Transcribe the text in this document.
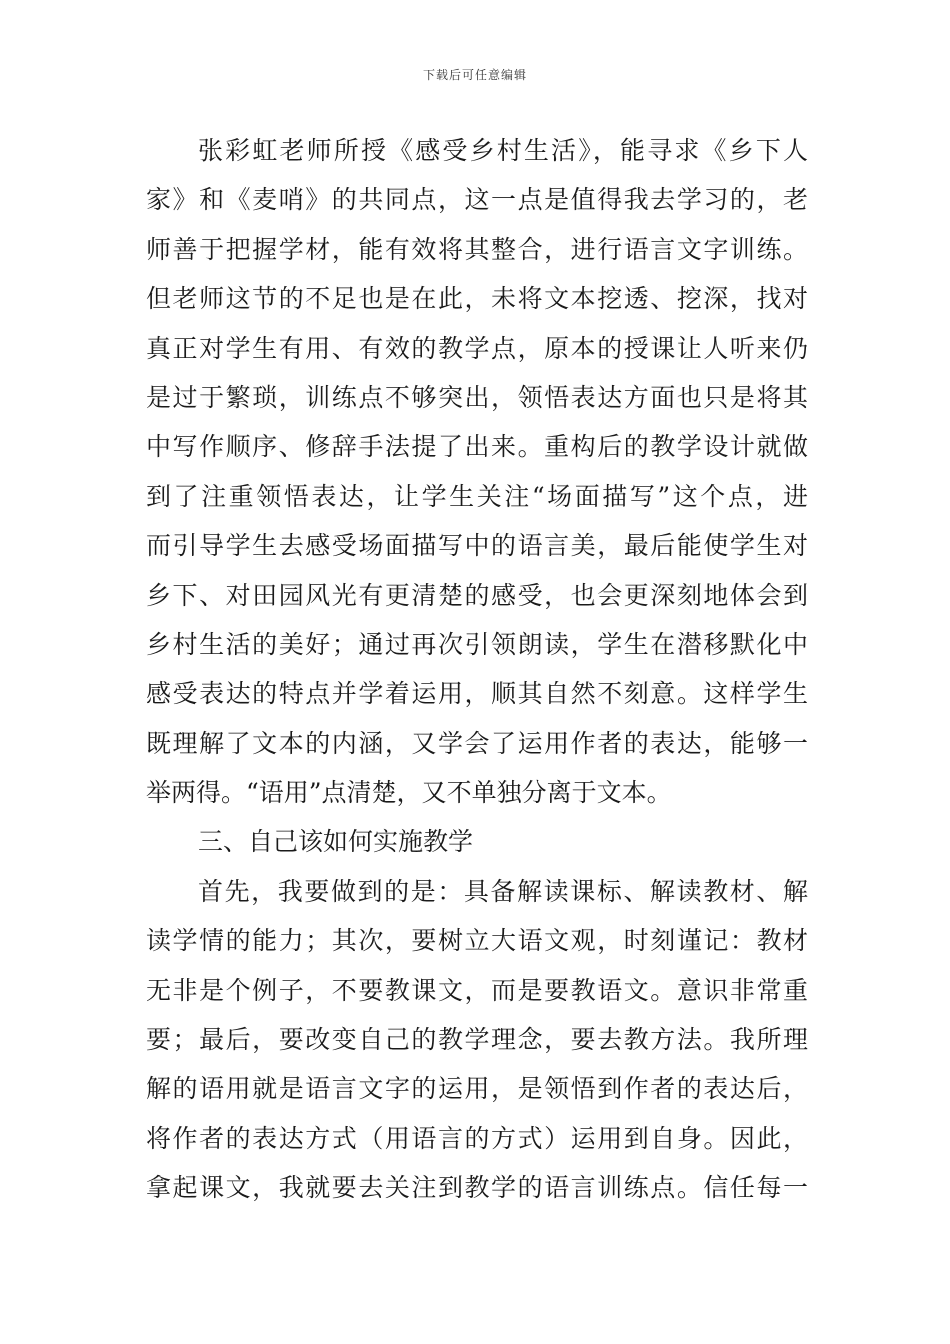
下载后可任意编辑
张彩虹老师所授《感受乡村生活》，能寻求《乡下人
家》和《麦哨》的共同点，这一点是值得我去学习的，老
师善于把握学材，能有效将其整合，进行语言文字训练。
但老师这节的不足也是在此，未将文本挖透、挖深，找对
真正对学生有用、有效的教学点，原本的授课让人听来仍
是过于繁琐，训练点不够突出，领悟表达方面也只是将其
中写作顺序、修辞手法提了出来。重构后的教学设计就做
到了注重领悟表达，让学生关注“场面描写”这个点，进
而引导学生去感受场面描写中的语言美，最后能使学生对
乡下、对田园风光有更清楚的感受，也会更深刻地体会到
乡村生活的美好；通过再次引领朗读，学生在潜移默化中
感受表达的特点并学着运用，顺其自然不刻意。这样学生
既理解了文本的内涵，又学会了运用作者的表达，能够一
举两得。“语用”点清楚，又不单独分离于文本。
三、自己该如何实施教学
首先，我要做到的是：具备解读课标、解读教材、解
读学情的能力；其次，要树立大语文观，时刻谨记：教材
无非是个例子，不要教课文，而是要教语文。意识非常重
要；最后，要改变自己的教学理念，要去教方法。我所理
解的语用就是语言文字的运用，是领悟到作者的表达后，
将作者的表达方式（用语言的方式）运用到自身。因此，
拿起课文，我就要去关注到教学的语言训练点。信任每一
